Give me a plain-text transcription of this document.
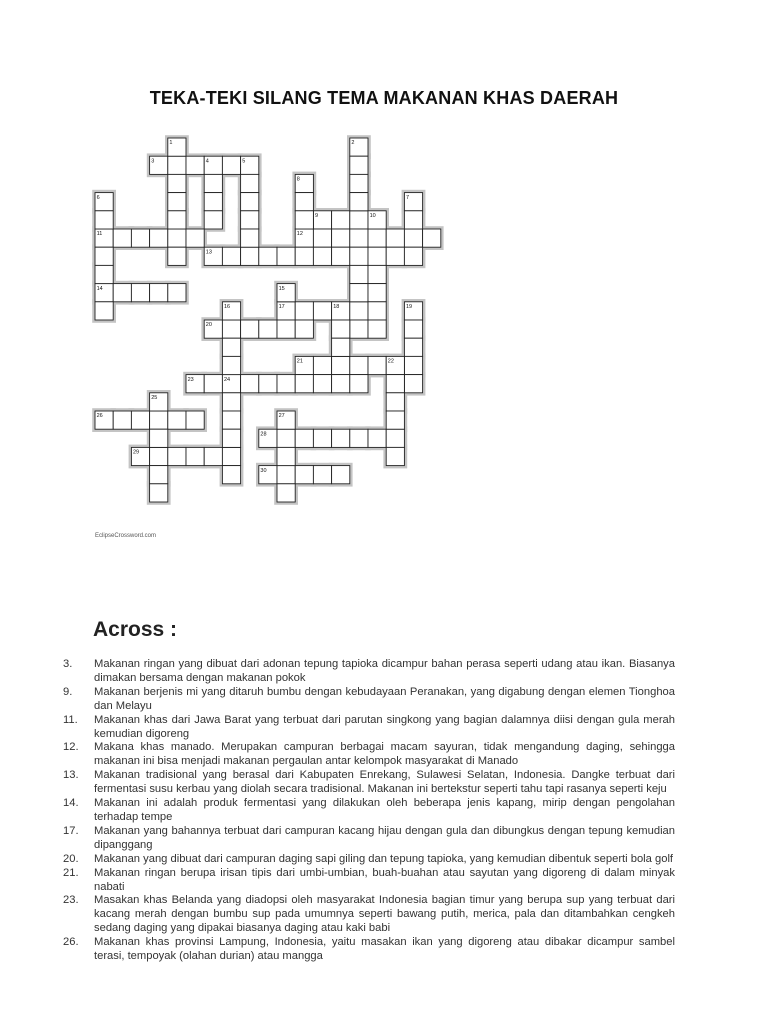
TEKA-TEKI SILANG TEMA MAKANAN KHAS DAERAH
3
9
11	12
13
14
17
20
21
23
26
28
29
30
1	2
4	5
6	7
8
10
15
16	18	19
22
24
25
27
EclipseCrossword.com
Across :
3.	Makanan ringan yang dibuat dari adonan tepung tapioka dicampur bahan perasa seperti udang atau ikan. Biasanya dimakan bersama dengan makanan pokok
9.	Makanan berjenis mi yang ditaruh bumbu dengan kebudayaan Peranakan, yang digabung dengan elemen Tionghoa dan Melayu
11.	Makanan khas dari Jawa Barat yang terbuat dari parutan singkong yang bagian dalamnya diisi dengan gula merah kemudian digoreng
12.	Makana khas manado. Merupakan campuran berbagai macam sayuran, tidak mengandung daging, sehingga makanan ini bisa menjadi makanan pergaulan antar kelompok masyarakat di Manado
13.	Makanan tradisional yang berasal dari Kabupaten Enrekang, Sulawesi Selatan, Indonesia. Dangke terbuat dari fermentasi susu kerbau yang diolah secara tradisional. Makanan ini bertekstur seperti tahu tapi rasanya seperti keju
14.	Makanan ini adalah produk fermentasi yang dilakukan oleh beberapa jenis kapang, mirip dengan pengolahan terhadap tempe
17.	Makanan yang bahannya terbuat dari campuran kacang hijau dengan gula dan dibungkus dengan tepung kemudian dipanggang
20.	Makanan yang dibuat dari campuran daging sapi giling dan tepung tapioka, yang kemudian dibentuk seperti bola golf
21.	Makanan ringan berupa irisan tipis dari umbi-umbian, buah-buahan atau sayutan yang digoreng di dalam minyak nabati
23.	Masakan khas Belanda yang diadopsi oleh masyarakat Indonesia bagian timur yang berupa sup yang terbuat dari kacang merah dengan bumbu sup pada umumnya seperti bawang putih, merica, pala dan ditambahkan cengkeh sedang daging yang dipakai biasanya daging atau kaki babi
26.	Makanan khas provinsi Lampung, Indonesia, yaitu masakan ikan yang digoreng atau dibakar dicampur sambel terasi, tempoyak (olahan durian) atau mangga
